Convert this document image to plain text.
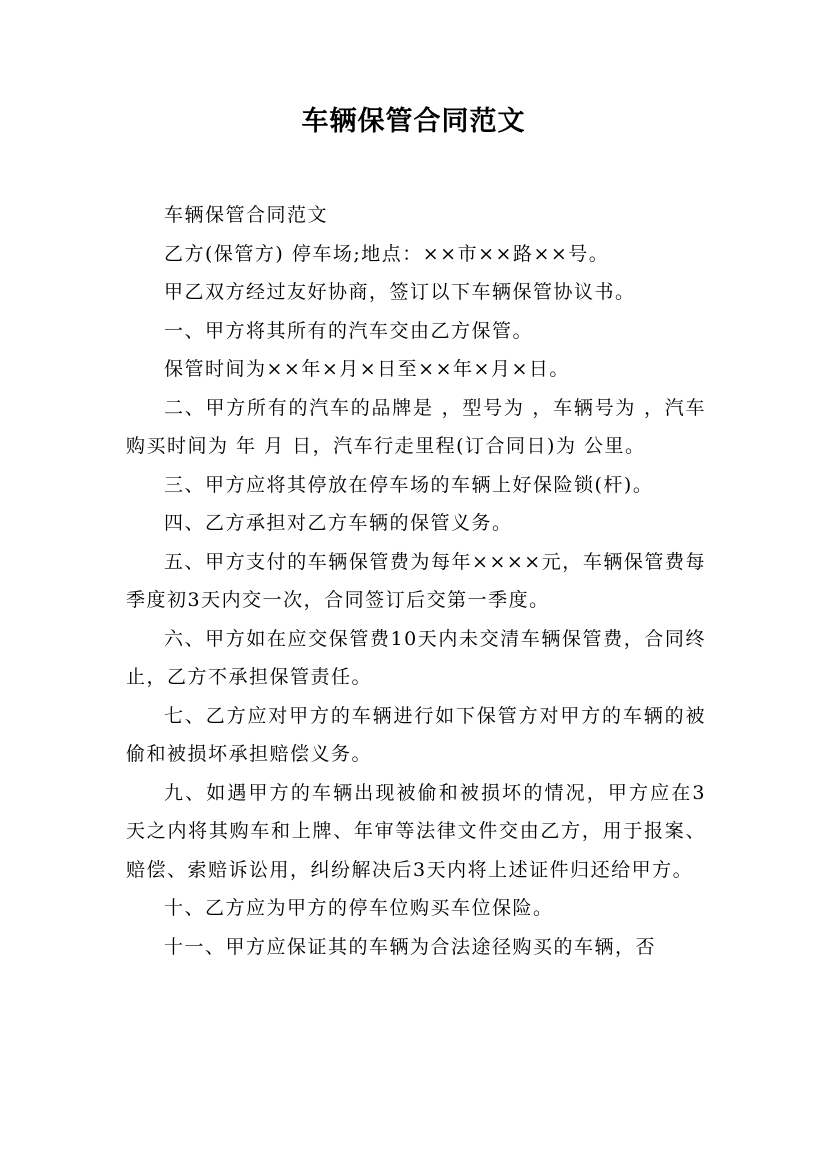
车辆保管合同范文

车辆保管合同范文

乙方(保管方) 停车场;地点：××市××路××号。

甲乙双方经过友好协商，签订以下车辆保管协议书。

一、甲方将其所有的汽车交由乙方保管。

保管时间为××年×月×日至××年×月×日。

二、甲方所有的汽车的品牌是 ，型号为 ，车辆号为 ，汽车购买时间为 年 月 日，汽车行走里程(订合同日)为 公里。

三、甲方应将其停放在停车场的车辆上好保险锁(杆)。

四、乙方承担对乙方车辆的保管义务。

五、甲方支付的车辆保管费为每年××××元，车辆保管费每季度初3天内交一次，合同签订后交第一季度。

六、甲方如在应交保管费10天内未交清车辆保管费，合同终止，乙方不承担保管责任。

七、乙方应对甲方的车辆进行如下保管方对甲方的车辆的被偷和被损坏承担赔偿义务。

九、如遇甲方的车辆出现被偷和被损坏的情况，甲方应在3天之内将其购车和上牌、年审等法律文件交由乙方，用于报案、赔偿、索赔诉讼用，纠纷解决后3天内将上述证件归还给甲方。

十、乙方应为甲方的停车位购买车位保险。

十一、甲方应保证其的车辆为合法途径购买的车辆，否
